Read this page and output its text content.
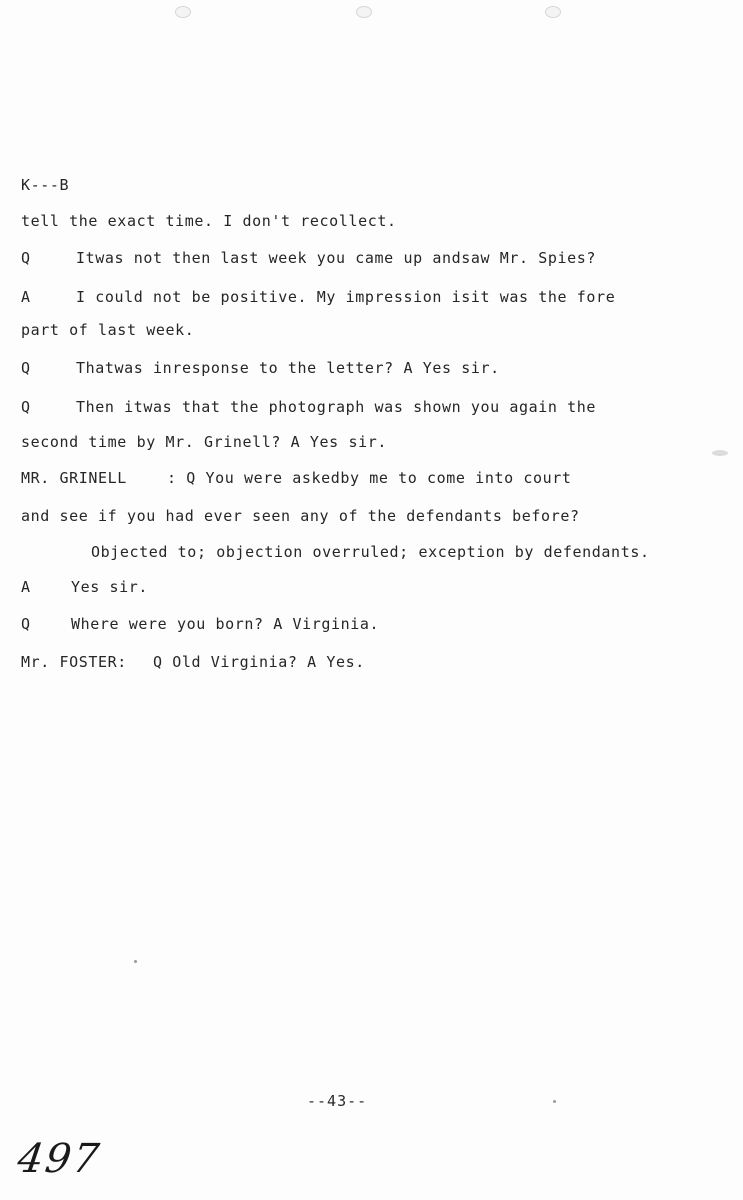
K---B
tell the exact time. I don't recollect.
Q	Itwas not then last week you came up andsaw Mr. Spies?
A	I could not be positive. My impression isit was the fore
part of last week.
Q	Thatwas inresponse to the letter? A Yes sir.
Q	Then itwas that the photograph was shown you again the
second time by Mr. Grinell? A Yes sir.
MR. GRINELL	: Q You were askedby me to come into court
and see if you had ever seen any of the defendants before?
Objected to; objection overruled; exception by defendants.
A	Yes sir.
Q	Where were you born? A Virginia.
Mr. FOSTER: Q Old Virginia? A Yes.
--43--
497
